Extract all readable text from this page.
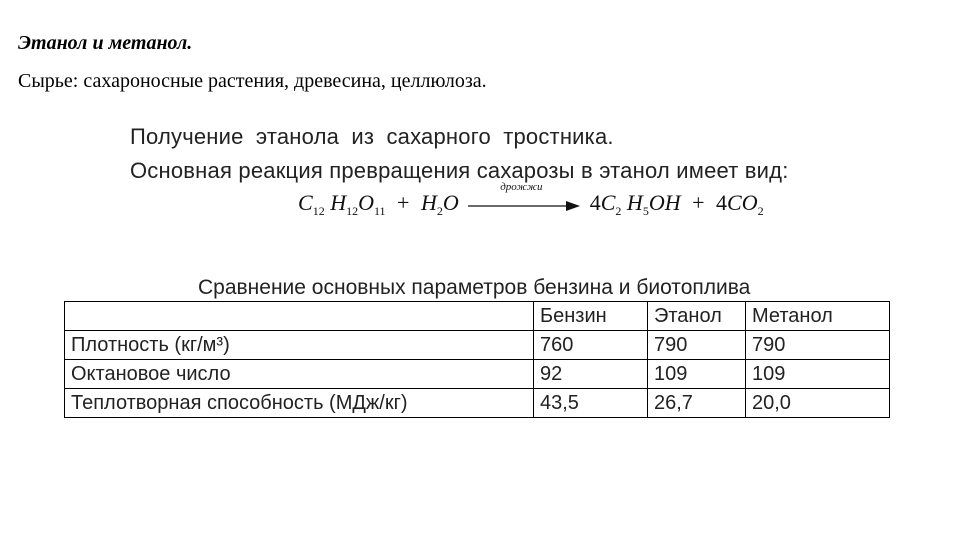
Этанол и метанол.
Сырье: сахароносные растения, древесина, целлюлоза.
Получение этанола из сахарного тростника.
Основная реакция превращения сахарозы в этанол имеет вид:
$C_{12}$ $H_{12}O_{11} + H_2O$
дрожжи
$4C_2$ $H_5OH + 4CO_2$
Сравнение основных параметров бензина и биотоплива
	Бензин	Этанол	Метанол
Плотность (кг/м³)	760	790	790
Октановое число	92	109	109
Теплотворная способность (МДж/кг)	43,5	26,7	20,0
